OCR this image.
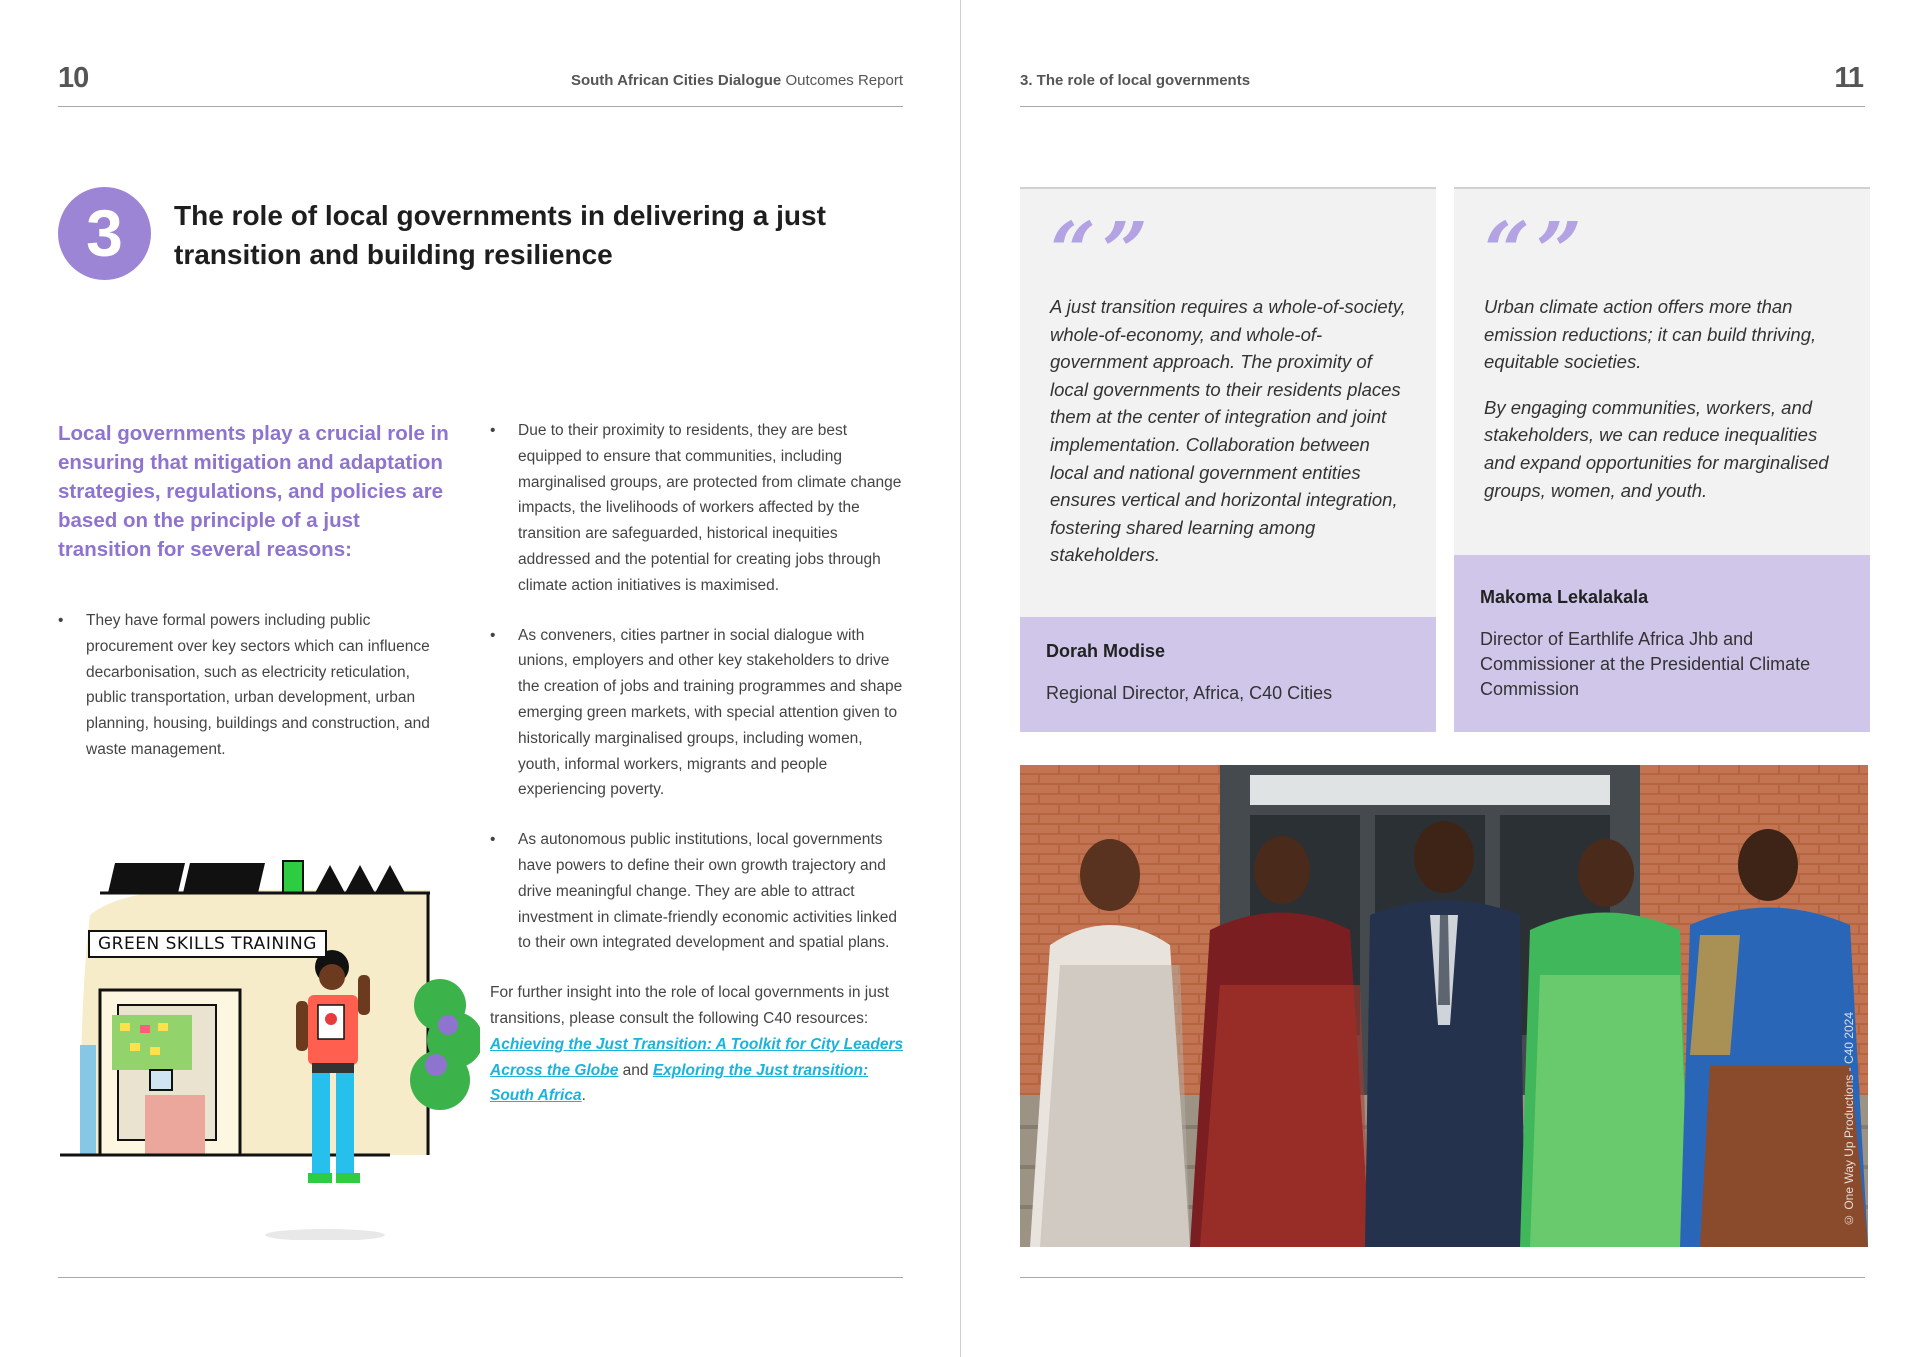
10	South African Cities Dialogue Outcomes Report
3	The role of local governments in delivering a just transition and building resilience
Local governments play a crucial role in ensuring that mitigation and adaptation strategies, regulations, and policies are based on the principle of a just transition for several reasons:
• They have formal powers including public procurement over key sectors which can influence decarbonisation, such as electricity reticulation, public transportation, urban development, urban planning, housing, buildings and construction, and waste management.
• Due to their proximity to residents, they are best equipped to ensure that communities, including marginalised groups, are protected from climate change impacts, the livelihoods of workers affected by the transition are safeguarded, historical inequities addressed and the potential for creating jobs through climate action initiatives is maximised.
• As conveners, cities partner in social dialogue with unions, employers and other key stakeholders to drive the creation of jobs and training programmes and shape emerging green markets, with special attention given to historically marginalised groups, including women, youth, informal workers, migrants and people experiencing poverty.
• As autonomous public institutions, local governments have powers to define their own growth trajectory and drive meaningful change. They are able to attract investment in climate-friendly economic activities linked to their own integrated development and spatial plans.

For further insight into the role of local governments in just transitions, please consult the following C40 resources: Achieving the Just Transition: A Toolkit for City Leaders Across the Globe and Exploring the Just transition: South Africa.

GREEN SKILLS TRAINING
3. The role of local governments	11
“”

A just transition requires a whole-of-society, whole-of-economy, and whole-of-government approach. The proximity of local governments to their residents places them at the center of integration and joint implementation. Collaboration between local and national government entities ensures vertical and horizontal integration, fostering shared learning among stakeholders.

Dorah Modise
Regional Director, Africa, C40 Cities
“”

Urban climate action offers more than emission reductions; it can build thriving, equitable societies.

By engaging communities, workers, and stakeholders, we can reduce inequalities and expand opportunities for marginalised groups, women, and youth.

Makoma Lekalakala
Director of Earthlife Africa Jhb and Commissioner at the Presidential Climate Commission
© One Way Up Productions - C40 2024
